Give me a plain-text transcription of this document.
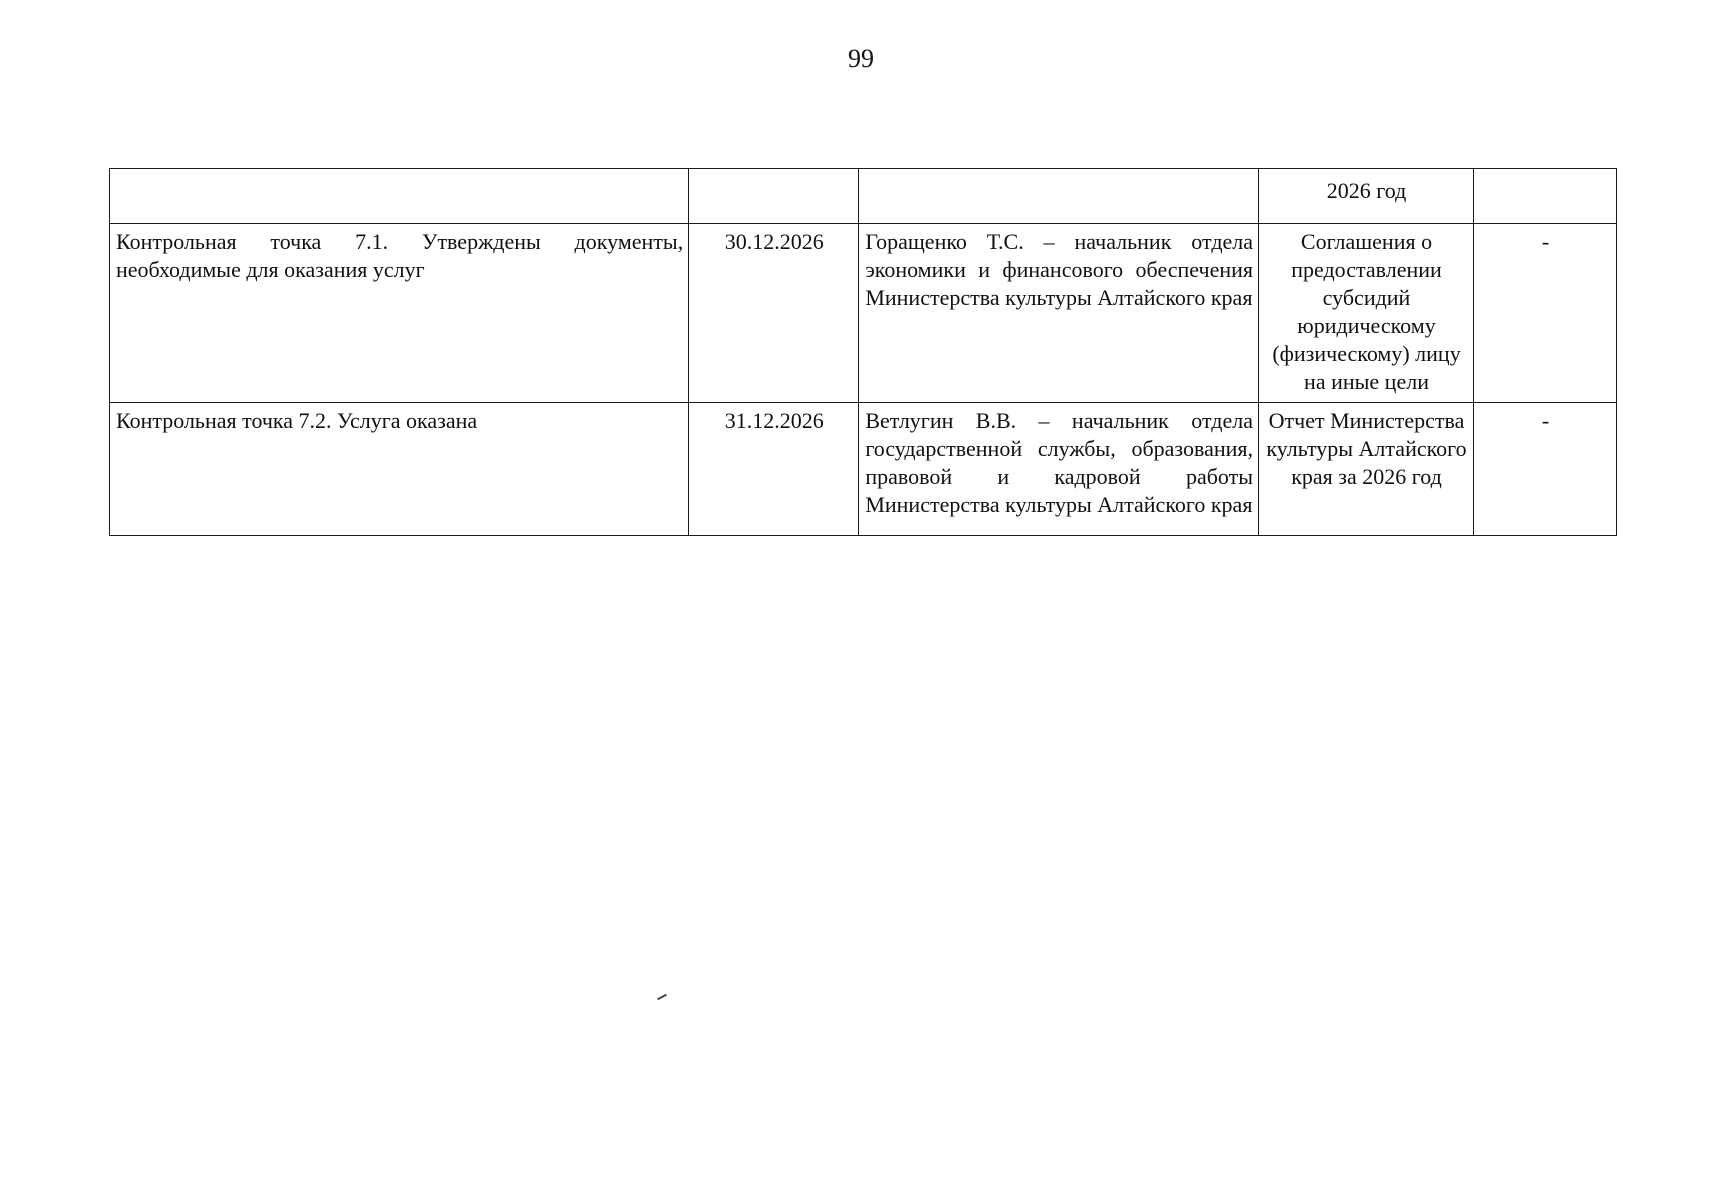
99
			2026 год	
Контрольная точка 7.1. Утверждены документы, необходимые для оказания услуг	30.12.2026	Горащенко Т.С. – начальник отдела экономики и финансового обеспечения Министерства культуры Алтайского края	Соглашения о предоставлении субсидий юридическому (физическому) лицу на иные цели	-
Контрольная точка 7.2. Услуга оказана	31.12.2026	Ветлугин В.В. – начальник отдела государственной службы, образования, правовой и кадровой работы Министерства культуры Алтайского края	Отчет Министерства культуры Алтайского края за 2026 год	-
